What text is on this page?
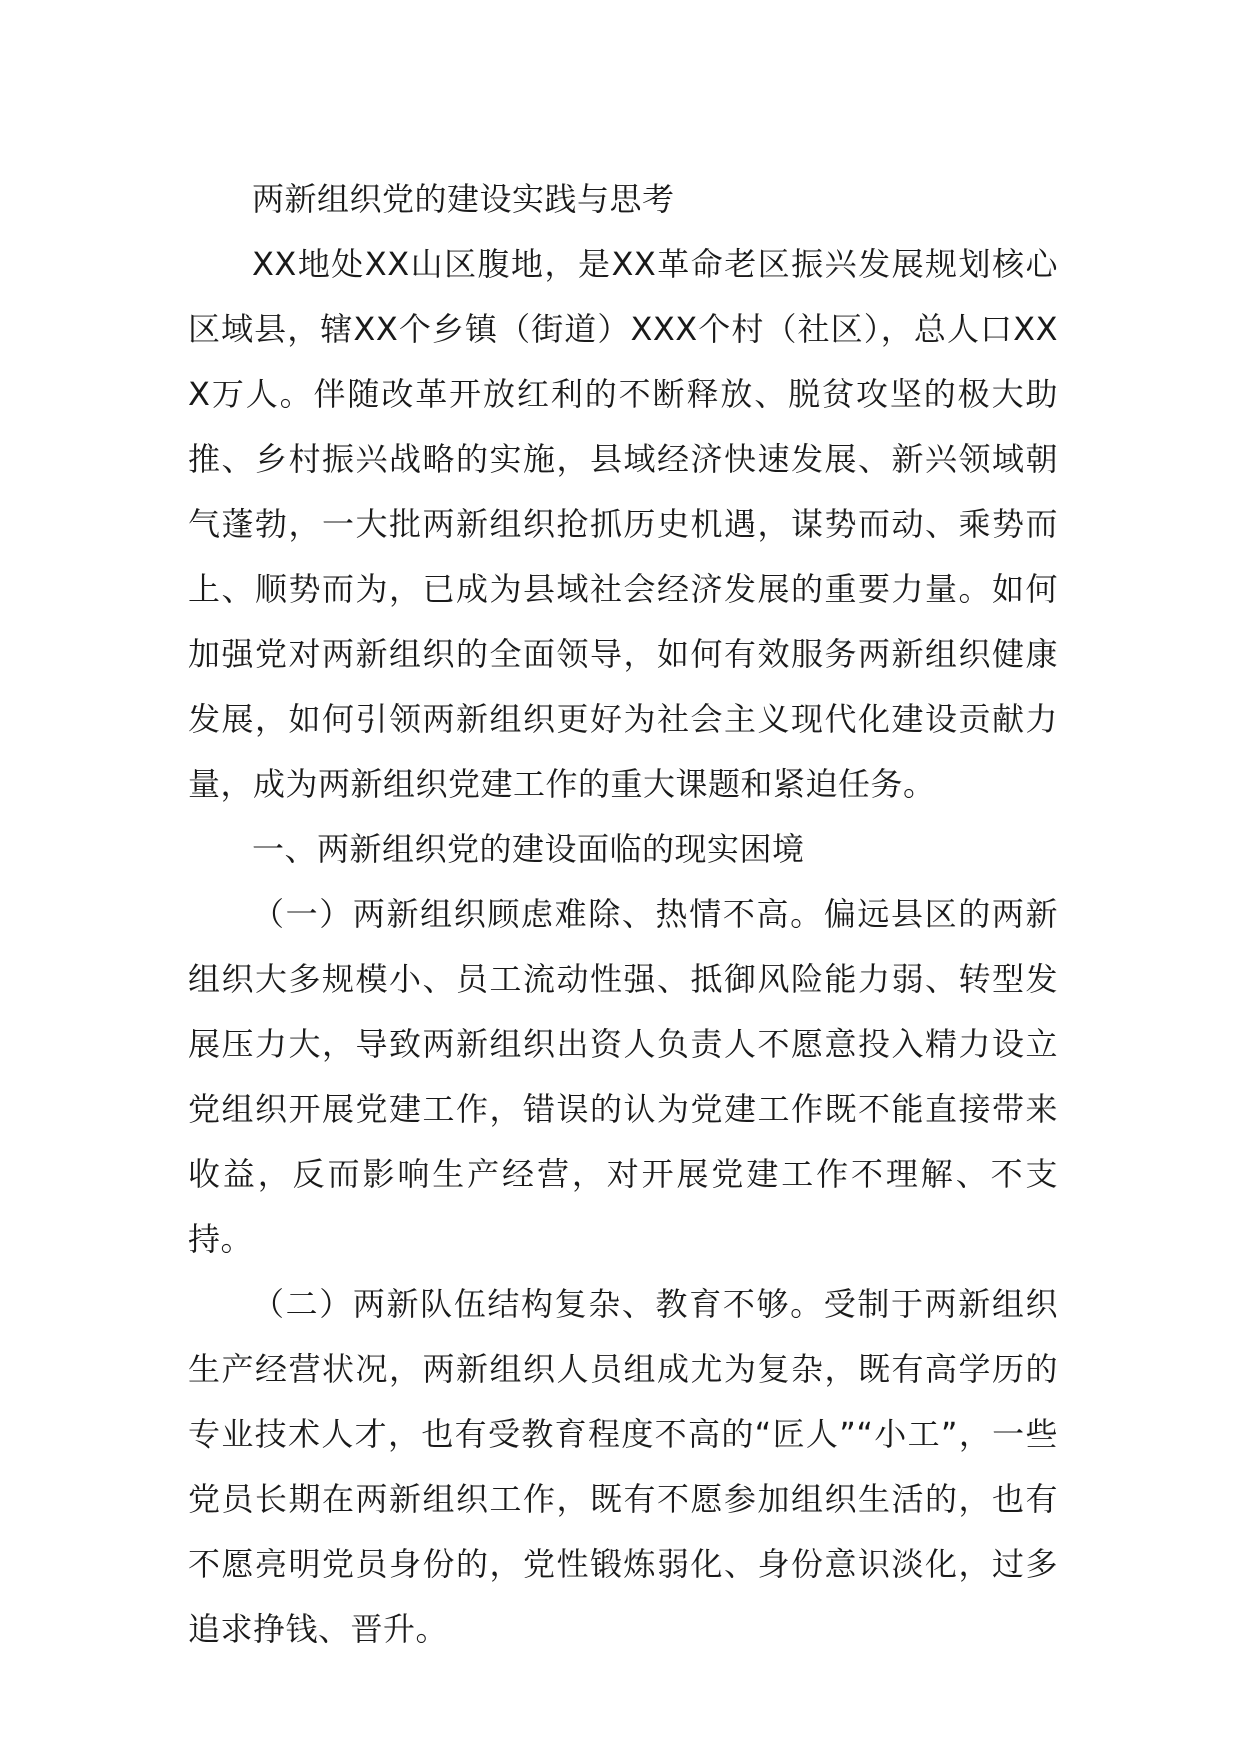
两新组织党的建设实践与思考

XX地处XX山区腹地，是XX革命老区振兴发展规划核心区域县，辖XX个乡镇（街道）XXX个村（社区），总人口XXX万人。伴随改革开放红利的不断释放、脱贫攻坚的极大助推、乡村振兴战略的实施，县域经济快速发展、新兴领域朝气蓬勃，一大批两新组织抢抓历史机遇，谋势而动、乘势而上、顺势而为，已成为县域社会经济发展的重要力量。如何加强党对两新组织的全面领导，如何有效服务两新组织健康发展，如何引领两新组织更好为社会主义现代化建设贡献力量，成为两新组织党建工作的重大课题和紧迫任务。

一、两新组织党的建设面临的现实困境

（一）两新组织顾虑难除、热情不高。偏远县区的两新组织大多规模小、员工流动性强、抵御风险能力弱、转型发展压力大，导致两新组织出资人负责人不愿意投入精力设立党组织开展党建工作，错误的认为党建工作既不能直接带来收益，反而影响生产经营，对开展党建工作不理解、不支持。

（二）两新队伍结构复杂、教育不够。受制于两新组织生产经营状况，两新组织人员组成尤为复杂，既有高学历的专业技术人才，也有受教育程度不高的“匠人”“小工”，一些党员长期在两新组织工作，既有不愿参加组织生活的，也有不愿亮明党员身份的，党性锻炼弱化、身份意识淡化，过多追求挣钱、晋升。
